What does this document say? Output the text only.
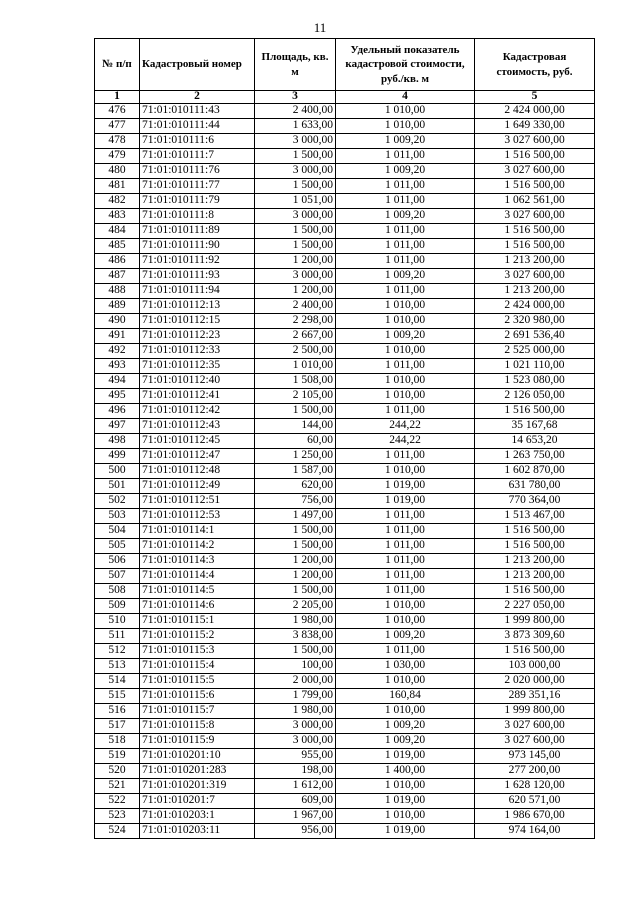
11
№ п/п	Кадастровый номер	Площадь, кв. м	Удельный показатель кадастровой стоимости, руб./кв. м	Кадастровая стоимость, руб.
1	2	3	4	5
476	71:01:010111:43	2 400,00	1 010,00	2 424 000,00
477	71:01:010111:44	1 633,00	1 010,00	1 649 330,00
478	71:01:010111:6	3 000,00	1 009,20	3 027 600,00
479	71:01:010111:7	1 500,00	1 011,00	1 516 500,00
480	71:01:010111:76	3 000,00	1 009,20	3 027 600,00
481	71:01:010111:77	1 500,00	1 011,00	1 516 500,00
482	71:01:010111:79	1 051,00	1 011,00	1 062 561,00
483	71:01:010111:8	3 000,00	1 009,20	3 027 600,00
484	71:01:010111:89	1 500,00	1 011,00	1 516 500,00
485	71:01:010111:90	1 500,00	1 011,00	1 516 500,00
486	71:01:010111:92	1 200,00	1 011,00	1 213 200,00
487	71:01:010111:93	3 000,00	1 009,20	3 027 600,00
488	71:01:010111:94	1 200,00	1 011,00	1 213 200,00
489	71:01:010112:13	2 400,00	1 010,00	2 424 000,00
490	71:01:010112:15	2 298,00	1 010,00	2 320 980,00
491	71:01:010112:23	2 667,00	1 009,20	2 691 536,40
492	71:01:010112:33	2 500,00	1 010,00	2 525 000,00
493	71:01:010112:35	1 010,00	1 011,00	1 021 110,00
494	71:01:010112:40	1 508,00	1 010,00	1 523 080,00
495	71:01:010112:41	2 105,00	1 010,00	2 126 050,00
496	71:01:010112:42	1 500,00	1 011,00	1 516 500,00
497	71:01:010112:43	144,00	244,22	35 167,68
498	71:01:010112:45	60,00	244,22	14 653,20
499	71:01:010112:47	1 250,00	1 011,00	1 263 750,00
500	71:01:010112:48	1 587,00	1 010,00	1 602 870,00
501	71:01:010112:49	620,00	1 019,00	631 780,00
502	71:01:010112:51	756,00	1 019,00	770 364,00
503	71:01:010112:53	1 497,00	1 011,00	1 513 467,00
504	71:01:010114:1	1 500,00	1 011,00	1 516 500,00
505	71:01:010114:2	1 500,00	1 011,00	1 516 500,00
506	71:01:010114:3	1 200,00	1 011,00	1 213 200,00
507	71:01:010114:4	1 200,00	1 011,00	1 213 200,00
508	71:01:010114:5	1 500,00	1 011,00	1 516 500,00
509	71:01:010114:6	2 205,00	1 010,00	2 227 050,00
510	71:01:010115:1	1 980,00	1 010,00	1 999 800,00
511	71:01:010115:2	3 838,00	1 009,20	3 873 309,60
512	71:01:010115:3	1 500,00	1 011,00	1 516 500,00
513	71:01:010115:4	100,00	1 030,00	103 000,00
514	71:01:010115:5	2 000,00	1 010,00	2 020 000,00
515	71:01:010115:6	1 799,00	160,84	289 351,16
516	71:01:010115:7	1 980,00	1 010,00	1 999 800,00
517	71:01:010115:8	3 000,00	1 009,20	3 027 600,00
518	71:01:010115:9	3 000,00	1 009,20	3 027 600,00
519	71:01:010201:10	955,00	1 019,00	973 145,00
520	71:01:010201:283	198,00	1 400,00	277 200,00
521	71:01:010201:319	1 612,00	1 010,00	1 628 120,00
522	71:01:010201:7	609,00	1 019,00	620 571,00
523	71:01:010203:1	1 967,00	1 010,00	1 986 670,00
524	71:01:010203:11	956,00	1 019,00	974 164,00
